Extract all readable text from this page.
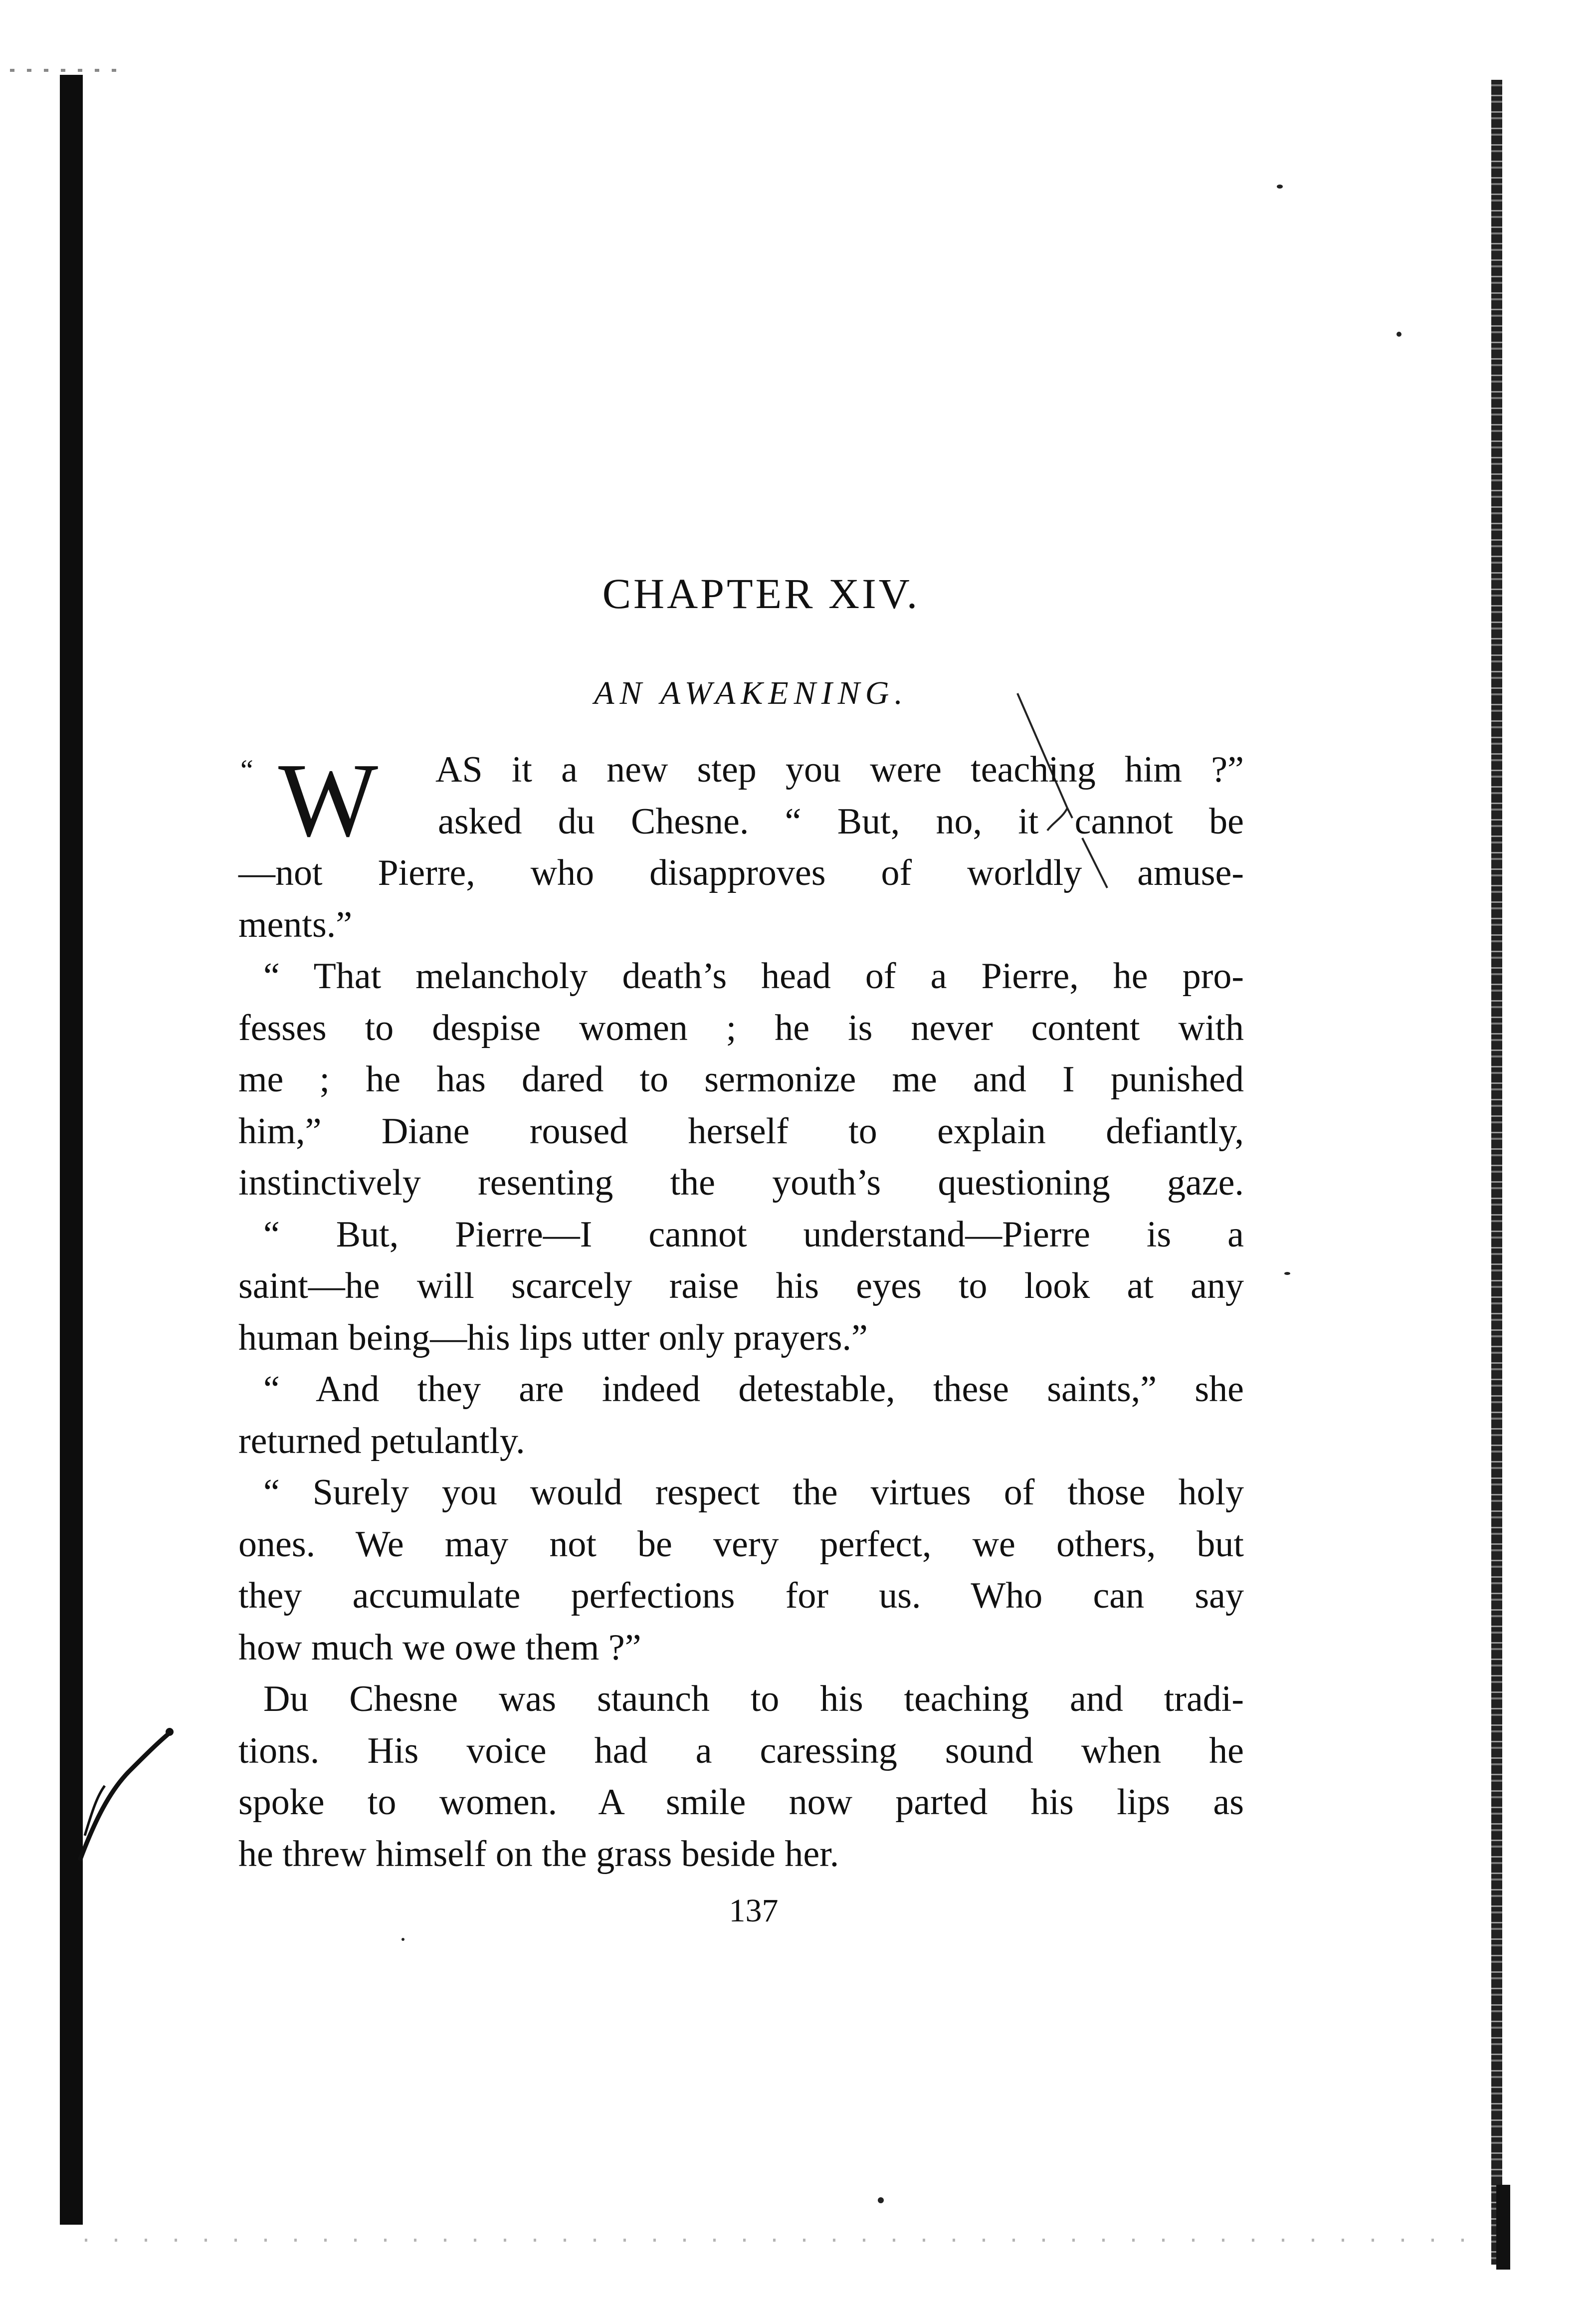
CHAPTER XIV.
AN AWAKENING.
“ W	AS it a new step you were teaching him ?”
asked du Chesne. “ But, no, it cannot be
—not Pierre, who disapproves of worldly amuse-
ments.”
“ That melancholy death’s head of a Pierre, he pro-
fesses to despise women ; he is never content with
me ; he has dared to sermonize me and I punished
him,” Diane roused herself to explain defiantly,
instinctively resenting the youth’s questioning gaze.
“ But, Pierre—I cannot understand—Pierre is a
saint—he will scarcely raise his eyes to look at any
human being—his lips utter only prayers.”
“ And they are indeed detestable, these saints,” she
returned petulantly.
“ Surely you would respect the virtues of those holy
ones. We may not be very perfect, we others, but
they accumulate perfections for us. Who can say
how much we owe them ?”
Du Chesne was staunch to his teaching and tradi-
tions. His voice had a caressing sound when he
spoke to women. A smile now parted his lips as
he threw himself on the grass beside her.
137
